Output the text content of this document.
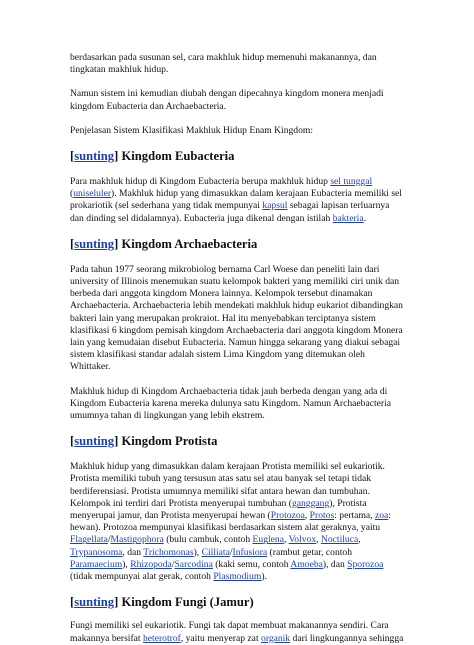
berdasarkan pada susunan sel, cara makhluk hidup memenuhi makanannya, dan tingkatan makhluk hidup.

Namun sistem ini kemudian diubah dengan dipecahnya kingdom monera menjadi kingdom Eubacteria dan Archaebacteria.

Penjelasan Sistem Klasifikasi Makhluk Hidup Enam Kingdom:

[sunting] Kingdom Eubacteria

Para makhluk hidup di Kingdom Eubacteria berupa makhluk hidup sel tunggal (uniseluler). Makhluk hidup yang dimasukkan dalam kerajaan Eubacteria memiliki sel prokariotik (sel sederhana yang tidak mempunyai kapsul sebagai lapisan terluarnya dan dinding sel didalamnya). Eubacteria juga dikenal dengan istilah bakteria.

[sunting] Kingdom Archaebacteria

Pada tahun 1977 seorang mikrobiolog bernama Carl Woese dan peneliti lain dari university of Illinois menemukan suatu kelompok bakteri yang memiliki ciri unik dan berbeda dari anggota kingdom Monera lainnya. Kelompok tersebut dinamakan Archaebacteria. Archaebacteria lebih mendekati makhluk hidup eukariot dibandingkan bakteri lain yang merupakan prokraiot. Hal itu menyebabkan terciptanya sistem klasifikasi 6 kingdom pemisah kingdom Archaebacteria dari anggota kingdom Monera lain yang kemudaian disebut Eubacteria. Namun hingga sekarang yang diakui sebagai sistem klasifikasi standar adalah sistem Lima Kingdom yang ditemukan oleh Whittaker.

Makhluk hidup di Kingdom Archaebacteria tidak jauh berbeda dengan yang ada di Kingdom Eubacteria karena mereka dulunya satu Kingdom. Namun Archaebacteria umumnya tahan di lingkungan yang lebih ekstrem.

[sunting] Kingdom Protista

Makhluk hidup yang dimasukkan dalam kerajaan Protista memiliki sel eukariotik. Protista memiliki tubuh yang tersusun atas satu sel atau banyak sel tetapi tidak berdiferensiasi. Protista umumnya memiliki sifat antara hewan dan tumbuhan. Kelompok ini terdiri dari Protista menyerupai tumbuhan (ganggang), Protista menyerupai jamur, dan Protista menyerupai hewan (Protozoa, Protos: pertama, zoa: hewan). Protozoa mempunyai klasifikasi berdasarkan sistem alat geraknya, yaitu Flagellata/Mastigophora (bulu cambuk, contoh Euglena, Volvox, Noctiluca, Trypanosoma, dan Trichomonas), Cilliata/Infusiora (rambut getar, contoh Paramaecium), Rhizopoda/Sarcodina (kaki semu, contoh Amoeba), dan Sporozoa (tidak mempunyai alat gerak, contoh Plasmodium).

[sunting] Kingdom Fungi (Jamur)

Fungi memiliki sel eukariotik. Fungi tak dapat membuat makanannya sendiri. Cara makannya bersifat heterotrof, yaitu menyerap zat organik dari lingkungannya sehingga
